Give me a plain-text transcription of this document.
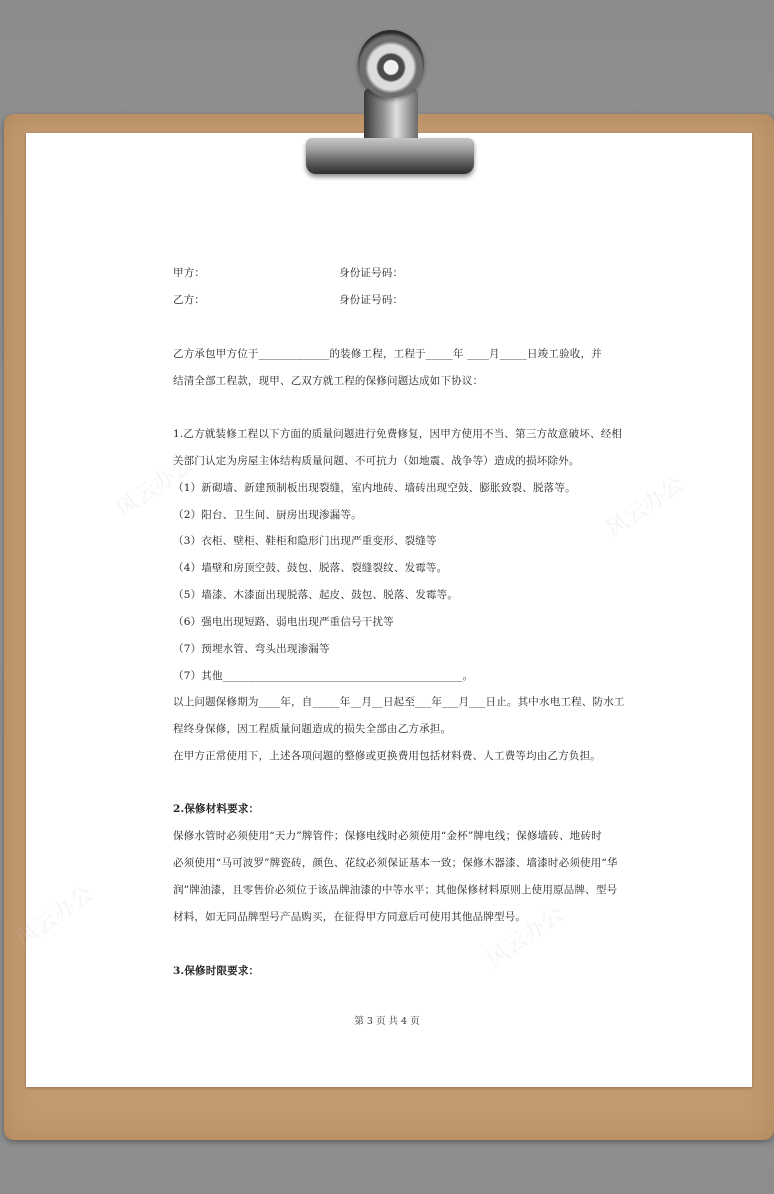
风云办公	风云办公
风云办公	风云办公
甲方：	身份证号码：
乙方：	身份证号码：
乙方承包甲方位于_____________的装修工程，工程于_____年 ____月_____日竣工验收，并
结清全部工程款，现甲、乙双方就工程的保修问题达成如下协议：
1.乙方就装修工程以下方面的质量问题进行免费修复，因甲方使用不当、第三方故意破坏、经相
关部门认定为房屋主体结构质量问题、不可抗力（如地震、战争等）造成的损坏除外。
（1）新砌墙、新建预制板出现裂缝，室内地砖、墙砖出现空鼓、膨胀致裂、脱落等。
（2）阳台、卫生间、厨房出现渗漏等。
（3）衣柜、壁柜、鞋柜和隐形门出现严重变形、裂缝等
（4）墙壁和房顶空鼓、鼓包、脱落、裂缝裂纹、发霉等。
（5）墙漆、木漆面出现脱落、起皮、鼓包、脱落、发霉等。
（6）强电出现短路、弱电出现严重信号干扰等
（7）预埋水管、弯头出现渗漏等
（7）其他____________________________________________。
以上问题保修期为____年，自_____年__月__日起至___年___月___日止。其中水电工程、防水工
程终身保修，因工程质量问题造成的损失全部由乙方承担。
在甲方正常使用下，上述各项问题的整修或更换费用包括材料费、人工费等均由乙方负担。
2.保修材料要求：
保修水管时必须使用“天力”牌管件；保修电线时必须使用“金杯”牌电线；保修墙砖、地砖时
必须使用“马可波罗”牌瓷砖，颜色、花纹必须保证基本一致；保修木器漆、墙漆时必须使用“华
润”牌油漆，且零售价必须位于该品牌油漆的中等水平；其他保修材料原则上使用原品牌、型号
材料，如无同品牌型号产品购买，在征得甲方同意后可使用其他品牌型号。
3.保修时限要求：
第 3 页 共 4 页
